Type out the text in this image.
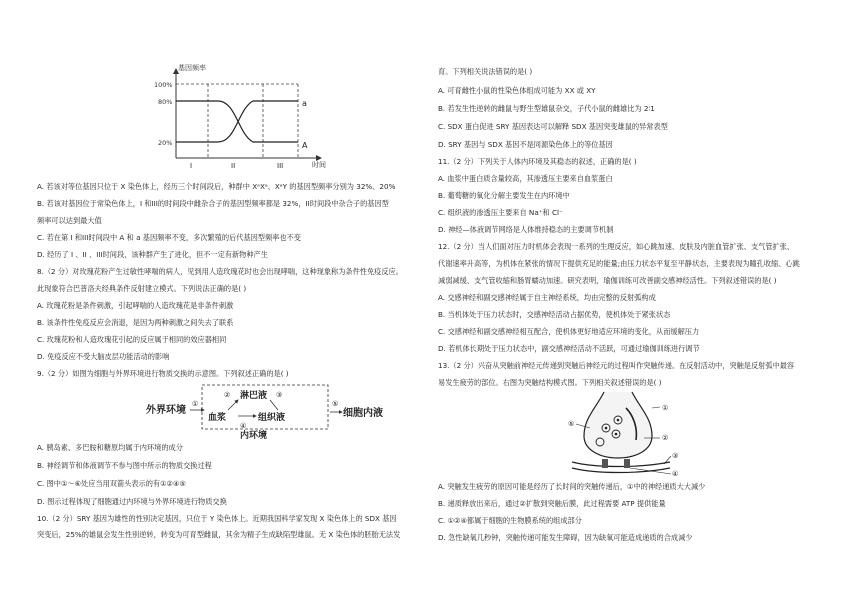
基因频率
时间
100%
80%
20%
a
A
I	II	III
A. 若该对等位基因只位于 X 染色体上，经历三个时间段后，种群中 XᵃXᵃ、XᵃY 的基因型频率分别为 32%、20%
B. 若该对基因位于常染色体上，I 和III的时间段中雌杂合子的基因型频率都是 32%，II时间段中杂合子的基因型
频率可以达到最大值
C. 若在第 I 和III时间段中 A 和 a 基因频率不变，多次繁殖的后代基因型频率也不变
D. 经历了 I 、II 、III时间段，该种群产生了进化，但不一定有新物种产生
8.（2 分）对玫瑰花粉产生过敏性哮喘的病人，见到用人造玫瑰花时也会出现哮喘，这种现象称为条件性免疫反应。
此现象符合巴普洛夫经典条件反射建立模式。下列说法正确的是( )
A. 玫瑰花粉是条件刺激，引起哮喘的人造玫瑰花是非条件刺激
B. 该条件性免疫反应会消退，是因为两种刺激之间失去了联系
C. 玫瑰花粉和人造玫瑰花引起的反应属于相同的效应器相同
D. 免疫反应不受大脑皮层功能活动的影响
9.（2 分）如图为细胞与外界环境进行物质交换的示意图。下列叙述正确的是( )
外界环境
淋巴液
血浆	组织液	细胞内液
内环境
①
②	③
④
⑤
A. 胰岛素、多巴胺和糖原均属于内环境的成分
B. 神经调节和体液调节不参与图中所示的物质交换过程
C. 图中①～⑥处应当用双箭头表示的有①②④⑤
D. 图示过程体现了细胞通过内环境与外界环境进行物质交换
10.（2 分）SRY 基因为雄性的性别决定基因，只位于 Y 染色体上。近期我国科学家发现 X 染色体上的 SDX 基因
突变后，25%的雄鼠会发生性别逆转，转变为可育型雌鼠，其余为精子生成缺陷型雄鼠。无 X 染色体的胚胎无法发
育。下列相关说法错误的是( )
A. 可育雌性小鼠的性染色体组成可能为 XX 或 XY
B. 若发生性逆转的雌鼠与野生型雄鼠杂交，子代小鼠的雌雄比为 2∶1
C. SDX 蛋白促进 SRY 基因表达可以解释 SDX 基因突变雄鼠的异常表型
D. SRY 基因与 SDX 基因不是同源染色体上的等位基因
11.（2 分）下列关于人体内环境及其稳态的叙述，正确的是( )
A. 血浆中蛋白质含量较高，其渗透压主要来自血浆蛋白
B. 葡萄糖的氧化分解主要发生在内环境中
C. 组织液的渗透压主要来自 Na⁺和 Cl⁻
D. 神经—体液调节网络是人体维持稳态的主要调节机制
12.（2 分）当人们面对压力时机体会表现一系列的生理反应，如心跳加速、皮肤及内脏血管扩张、支气管扩张、
代谢速率升高等，为机体在紧张的情况下提供充足的能量;由压力状态平复至平静状态，主要表现为瞳孔收缩、心跳
减弱减缓、支气管收缩和肠胃蠕动加速。研究表明，瑜伽训练可改善副交感神经活性。下列叙述错误的是( )
A. 交感神经和副交感神经属于自主神经系统，均由完整的反射弧构成
B. 当机体处于压力状态时，交感神经活动占据优势，使机体处于紧张状态
C. 交感神经和副交感神经相互配合，使机体更好地适应环境的变化，从而缓解压力
D. 若机体长期处于压力状态中，副交感神经活动不活跃，可通过瑜伽训练进行调节
13.（2 分）兴奋从突触前神经元传递到突触后神经元的过程叫作突触传递。在反射活动中，突触是反射弧中最容
易发生疲劳的部位。右图为突触结构模式图。下列相关叙述错误的是( )
⑤
①
②
③
④
A. 突触发生疲劳的原因可能是经历了长时间的突触传递后，①中的神经递质大大减少
B. 递质释放出来后，通过②扩散到突触后膜，此过程需要 ATP 提供能量
C. ①②④都属于细胞的生物膜系统的组成部分
D. 急性缺氧几秒钟，突触传递可能发生障碍，因为缺氧可能造成递质的合成减少
